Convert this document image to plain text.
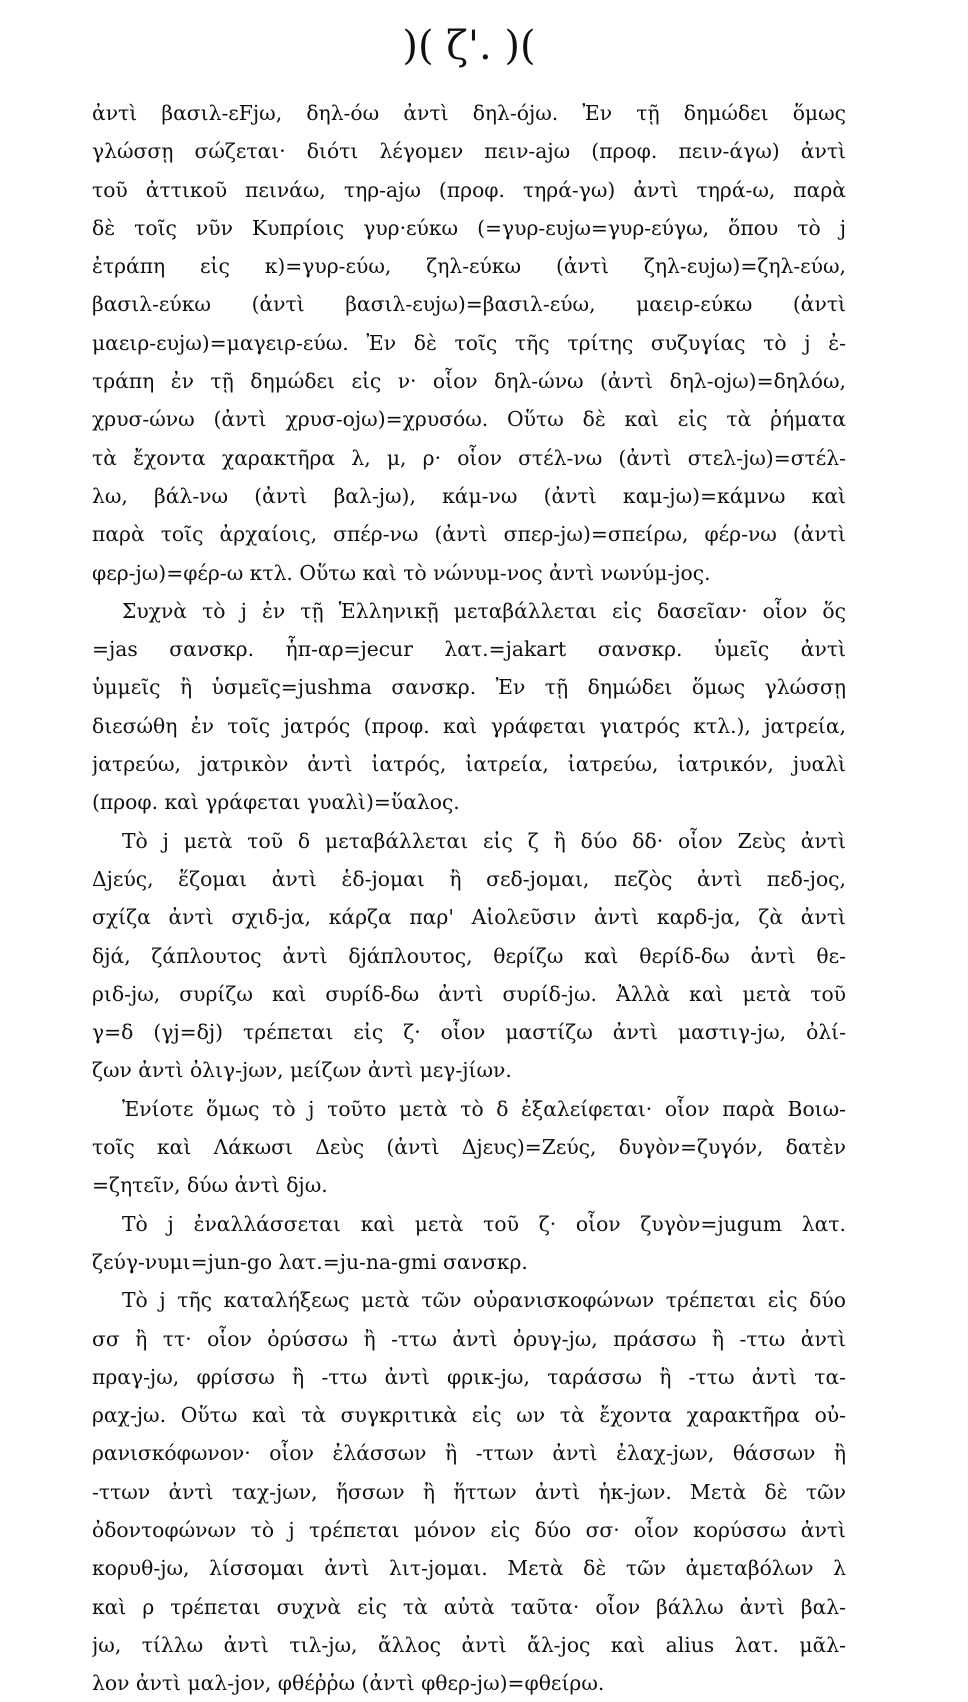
)( ζ'. )(
ἀντὶ βασιλ-εFjω, δηλ-όω ἀντὶ δηλ-όjω. Ἐν τῇ δημώδει ὅμως
γλώσσῃ σώζεται· διότι λέγομεν πειν-ajω (προφ. πειν-άγω) ἀντὶ
τοῦ ἀττικοῦ πεινάω, τηρ-ajω (προφ. τηρά-γω) ἀντὶ τηρά-ω, παρὰ
δὲ τοῖς νῦν Κυπρίοις γυρ·εύκω (=γυρ-ευjω=γυρ-εύγω, ὅπου τὸ j
ἐτράπη εἰς κ)=γυρ-εύω, ζηλ-εύκω (ἀντὶ ζηλ-ευjω)=ζηλ-εύω,
βασιλ-εύκω (ἀντὶ βασιλ-ευjω)=βασιλ-εύω, μαειρ-εύκω (ἀντὶ
μαειρ-ευjω)=μαγειρ-εύω. Ἐν δὲ τοῖς τῆς τρίτης συζυγίας τὸ j ἐ-
τράπη ἐν τῇ δημώδει εἰς ν· οἷον δηλ-ώνω (ἀντὶ δηλ-οjω)=δηλόω,
χρυσ-ώνω (ἀντὶ χρυσ-οjω)=χρυσόω. Οὕτω δὲ καὶ εἰς τὰ ῥήματα
τὰ ἔχοντα χαρακτῆρα λ, μ, ρ· οἷον στέλ-νω (ἀντὶ στελ-jω)=στέλ-
λω, βάλ-νω (ἀντὶ βαλ-jω), κάμ-νω (ἀντὶ καμ-jω)=κάμνω καὶ
παρὰ τοῖς ἀρχαίοις, σπέρ-νω (ἀντὶ σπερ-jω)=σπείρω, φέρ-νω (ἀντὶ
φερ-jω)=φέρ-ω κτλ. Οὕτω καὶ τὸ νώνυμ-νος ἀντὶ νωνύμ-jος.
Συχνὰ τὸ j ἐν τῇ Ἑλληνικῇ μεταβάλλεται εἰς δασεῖαν· οἷον ὅς
=jas σανσκρ. ἧπ-αρ=jecur λατ.=jakart σανσκρ. ὑμεῖς ἀντὶ
ὑμμεῖς ἢ ὑσμεῖς=jushma σανσκρ. Ἐν τῇ δημώδει ὅμως γλώσσῃ
διεσώθη ἐν τοῖς jατρός (προφ. καὶ γράφεται γιατρός κτλ.), jατρεία,
jατρεύω, jατρικὸν ἀντὶ ἰατρός, ἰατρεία, ἰατρεύω, ἰατρικόν, jυαλὶ
(προφ. καὶ γράφεται γυαλὶ)=ὕαλος.
Τὸ j μετὰ τοῦ δ μεταβάλλεται εἰς ζ ἢ δύο δδ· οἷον Ζεὺς ἀντὶ
Δjεύς, ἕζομαι ἀντὶ ἑδ-jομαι ἢ σεδ-jομαι, πεζὸς ἀντὶ πεδ-jος,
σχίζα ἀντὶ σχιδ-jα, κάρζα παρ' Αἰολεῦσιν ἀντὶ καρδ-jα, ζὰ ἀντὶ
δjά, ζάπλουτος ἀντὶ δjάπλουτος, θερίζω καὶ θερίδ-δω ἀντὶ θε-
ριδ-jω, συρίζω καὶ συρίδ-δω ἀντὶ συρίδ-jω. Ἀλλὰ καὶ μετὰ τοῦ
γ=δ (γj=δj) τρέπεται εἰς ζ· οἷον μαστίζω ἀντὶ μαστιγ-jω, ὀλί-
ζων ἀντὶ ὀλιγ-jων, μείζων ἀντὶ μεγ-jίων.
Ἐνίοτε ὅμως τὸ j τοῦτο μετὰ τὸ δ ἐξαλείφεται· οἷον παρὰ Βοιω-
τοῖς καὶ Λάκωσι Δεὺς (ἀντὶ Δjευς)=Ζεύς, δυγὸν=ζυγόν, δατὲν
=ζητεῖν, δύω ἀντὶ δjω.
Τὸ j ἐναλλάσσεται καὶ μετὰ τοῦ ζ· οἷον ζυγὸν=jugum λατ.
ζεύγ-νυμι=jun-go λατ.=ju-na-gmi σανσκρ.
Τὸ j τῆς καταλήξεως μετὰ τῶν οὐρανισκοφώνων τρέπεται εἰς δύο
σσ ἢ ττ· οἷον ὀρύσσω ἢ -ττω ἀντὶ ὀρυγ-jω, πράσσω ἢ -ττω ἀντὶ
πραγ-jω, φρίσσω ἢ -ττω ἀντὶ φρικ-jω, ταράσσω ἢ -ττω ἀντὶ τα-
ραχ-jω. Οὕτω καὶ τὰ συγκριτικὰ εἰς ων τὰ ἔχοντα χαρακτῆρα οὐ-
ρανισκόφωνον· οἷον ἐλάσσων ἢ -ττων ἀντὶ ἐλαχ-jων, θάσσων ἢ
-ττων ἀντὶ ταχ-jων, ἥσσων ἢ ἥττων ἀντὶ ἡκ-jων. Μετὰ δὲ τῶν
ὀδοντοφώνων τὸ j τρέπεται μόνον εἰς δύο σσ· οἷον κορύσσω ἀντὶ
κορυθ-jω, λίσσομαι ἀντὶ λιτ-jομαι. Μετὰ δὲ τῶν ἀμεταβόλων λ
καὶ ρ τρέπεται συχνὰ εἰς τὰ αὐτὰ ταῦτα· οἷον βάλλω ἀντὶ βαλ-
jω, τίλλω ἀντὶ τιλ-jω, ἄλλος ἀντὶ ἄλ-jος καὶ alius λατ. μᾶλ-
λον ἀντὶ μαλ-jον, φθέῤῥω (ἀντὶ φθερ-jω)=φθείρω.
